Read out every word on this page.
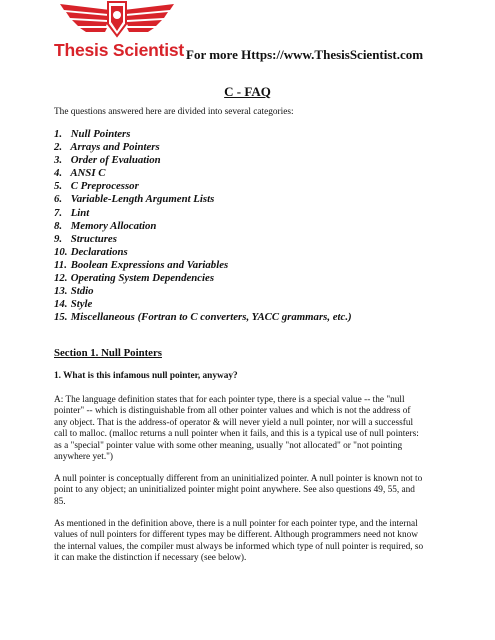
Thesis Scientist For more Https://www.ThesisScientist.com
C - FAQ
The questions answered here are divided into several categories:
1. Null Pointers
2. Arrays and Pointers
3. Order of Evaluation
4. ANSI C
5. C Preprocessor
6. Variable-Length Argument Lists
7. Lint
8. Memory Allocation
9. Structures
10. Declarations
11. Boolean Expressions and Variables
12. Operating System Dependencies
13. Stdio
14. Style
15. Miscellaneous (Fortran to C converters, YACC grammars, etc.)
Section 1. Null Pointers
1. What is this infamous null pointer, anyway?
A: The language definition states that for each pointer type, there is a special value -- the "null
pointer" -- which is distinguishable from all other pointer values and which is not the address of
any object. That is the address-of operator & will never yield a null pointer, nor will a successful
call to malloc. (malloc returns a null pointer when it fails, and this is a typical use of null pointers:
as a "special" pointer value with some other meaning, usually "not allocated" or "not pointing
anywhere yet.")
A null pointer is conceptually different from an uninitialized pointer. A null pointer is known not to
point to any object; an uninitialized pointer might point anywhere. See also questions 49, 55, and
85.
As mentioned in the definition above, there is a null pointer for each pointer type, and the internal
values of null pointers for different types may be different. Although programmers need not know
the internal values, the compiler must always be informed which type of null pointer is required, so
it can make the distinction if necessary (see below).
